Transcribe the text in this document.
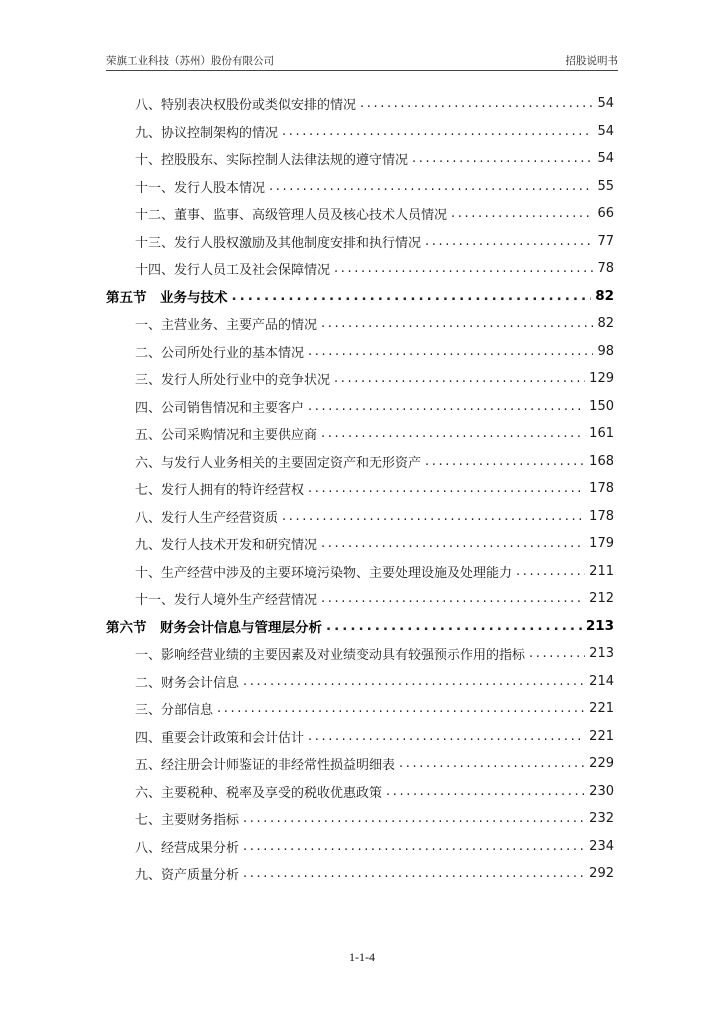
荣旗工业科技（苏州）股份有限公司	招股说明书
八、特别表决权股份或类似安排的情况 .....	54
九、协议控制架构的情况 .....	54
十、控股股东、实际控制人法律法规的遵守情况 .....	54
十一、发行人股本情况 .....	55
十二、董事、监事、高级管理人员及核心技术人员情况 .....	66
十三、发行人股权激励及其他制度安排和执行情况 .....	77
十四、发行人员工及社会保障情况 .....	78
第五节　业务与技术 .....	82
一、主营业务、主要产品的情况 .....	82
二、公司所处行业的基本情况 .....	98
三、发行人所处行业中的竞争状况 .....	129
四、公司销售情况和主要客户 .....	150
五、公司采购情况和主要供应商 .....	161
六、与发行人业务相关的主要固定资产和无形资产 .....	168
七、发行人拥有的特许经营权 .....	178
八、发行人生产经营资质 .....	178
九、发行人技术开发和研究情况 .....	179
十、生产经营中涉及的主要环境污染物、主要处理设施及处理能力 .....	211
十一、发行人境外生产经营情况 .....	212
第六节　财务会计信息与管理层分析 .....	213
一、影响经营业绩的主要因素及对业绩变动具有较强预示作用的指标 .....	213
二、财务会计信息 .....	214
三、分部信息 .....	221
四、重要会计政策和会计估计 .....	221
五、经注册会计师鉴证的非经常性损益明细表 .....	229
六、主要税种、税率及享受的税收优惠政策 .....	230
七、主要财务指标 .....	232
八、经营成果分析 .....	234
九、资产质量分析 .....	292
1-1-4
